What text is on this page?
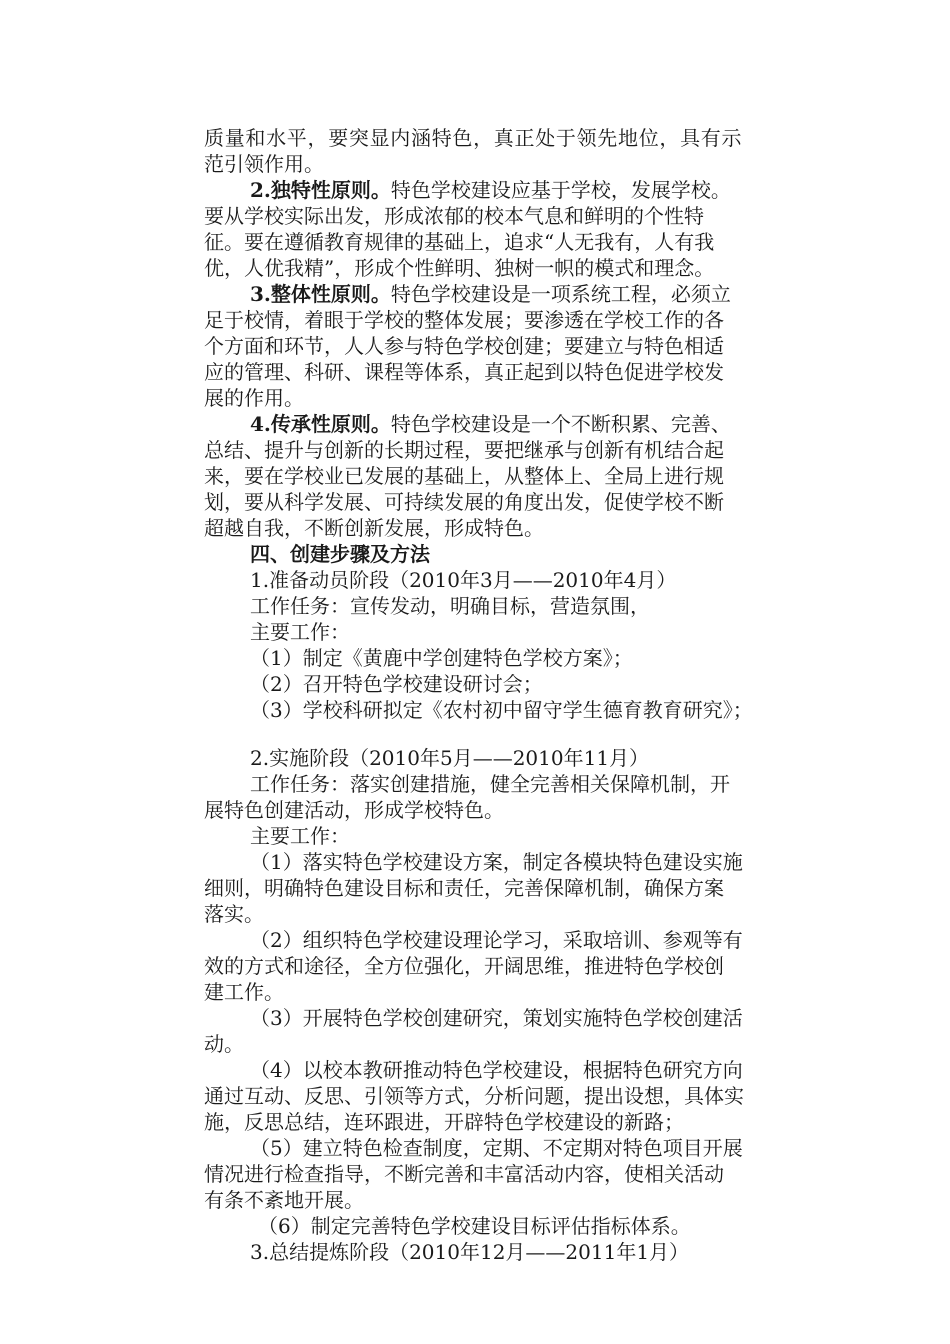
质量和水平，要突显内涵特色，真正处于领先地位，具有示
范引领作用。
2.独特性原则。特色学校建设应基于学校，发展学校。
要从学校实际出发，形成浓郁的校本气息和鲜明的个性特
征。要在遵循教育规律的基础上，追求“人无我有，人有我
优，人优我精”，形成个性鲜明、独树一帜的模式和理念。
3.整体性原则。特色学校建设是一项系统工程，必须立
足于校情，着眼于学校的整体发展；要渗透在学校工作的各
个方面和环节，人人参与特色学校创建；要建立与特色相适
应的管理、科研、课程等体系，真正起到以特色促进学校发
展的作用。
4.传承性原则。特色学校建设是一个不断积累、完善、
总结、提升与创新的长期过程，要把继承与创新有机结合起
来，要在学校业已发展的基础上，从整体上、全局上进行规
划，要从科学发展、可持续发展的角度出发，促使学校不断
超越自我，不断创新发展，形成特色。
四、创建步骤及方法
1.准备动员阶段（2010年3月——2010年4月）
工作任务：宣传发动，明确目标，营造氛围，
主要工作：
（1）制定《黄鹿中学创建特色学校方案》；
（2）召开特色学校建设研讨会；
（3）学校科研拟定《农村初中留守学生德育教育研究》；
2.实施阶段（2010年5月——2010年11月）
工作任务：落实创建措施，健全完善相关保障机制，开
展特色创建活动，形成学校特色。
主要工作：
（1）落实特色学校建设方案，制定各模块特色建设实施
细则，明确特色建设目标和责任，完善保障机制，确保方案
落实。
（2）组织特色学校建设理论学习，采取培训、参观等有
效的方式和途径，全方位强化，开阔思维，推进特色学校创
建工作。
（3）开展特色学校创建研究，策划实施特色学校创建活
动。
（4）以校本教研推动特色学校建设，根据特色研究方向
通过互动、反思、引领等方式，分析问题，提出设想，具体实
施，反思总结，连环跟进，开辟特色学校建设的新路；
（5）建立特色检查制度，定期、不定期对特色项目开展
情况进行检查指导，不断完善和丰富活动内容，使相关活动
有条不紊地开展。
（6）制定完善特色学校建设目标评估指标体系。
3.总结提炼阶段（2010年12月——2011年1月）
